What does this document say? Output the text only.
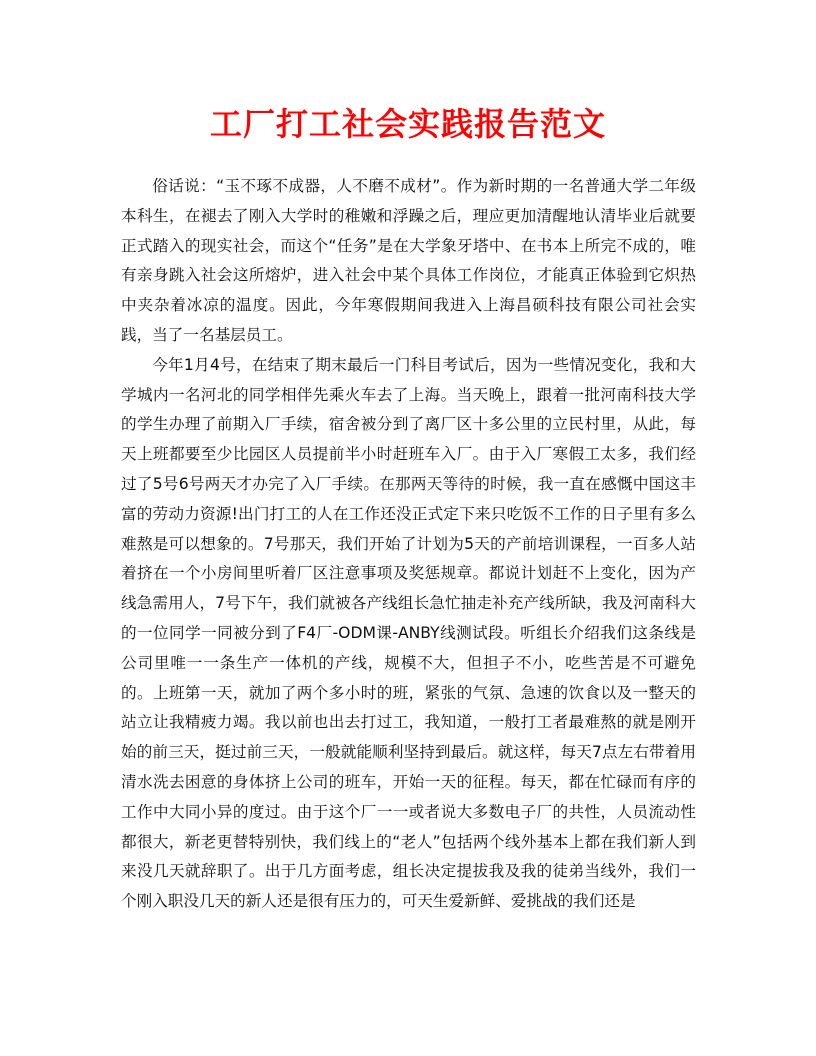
工厂打工社会实践报告范文

俗话说：“玉不琢不成器，人不磨不成材”。作为新时期的一名普通大学二年级本科生，在褪去了刚入大学时的稚嫩和浮躁之后，理应更加清醒地认清毕业后就要正式踏入的现实社会，而这个“任务”是在大学象牙塔中、在书本上所完不成的，唯有亲身跳入社会这所熔炉，进入社会中某个具体工作岗位，才能真正体验到它炽热中夹杂着冰凉的温度。因此，今年寒假期间我进入上海昌硕科技有限公司社会实践，当了一名基层员工。

今年1月4号，在结束了期末最后一门科目考试后，因为一些情况变化，我和大学城内一名河北的同学相伴先乘火车去了上海。当天晚上，跟着一批河南科技大学的学生办理了前期入厂手续，宿舍被分到了离厂区十多公里的立民村里，从此，每天上班都要至少比园区人员提前半小时赶班车入厂。由于入厂寒假工太多，我们经过了5号6号两天才办完了入厂手续。在那两天等待的时候，我一直在感慨中国这丰富的劳动力资源!出门打工的人在工作还没正式定下来只吃饭不工作的日子里有多么难熬是可以想象的。7号那天，我们开始了计划为5天的产前培训课程，一百多人站着挤在一个小房间里听着厂区注意事项及奖惩规章。都说计划赶不上变化，因为产线急需用人，7号下午，我们就被各产线组长急忙抽走补充产线所缺，我及河南科大的一位同学一同被分到了F4厂-ODM课-ANBY线测试段。听组长介绍我们这条线是公司里唯一一条生产一体机的产线，规模不大，但担子不小，吃些苦是不可避免的。上班第一天，就加了两个多小时的班，紧张的气氛、急速的饮食以及一整天的站立让我精疲力竭。我以前也出去打过工，我知道，一般打工者最难熬的就是刚开始的前三天，挺过前三天，一般就能顺利坚持到最后。就这样，每天7点左右带着用清水洗去困意的身体挤上公司的班车，开始一天的征程。每天，都在忙碌而有序的工作中大同小异的度过。由于这个厂一一或者说大多数电子厂的共性，人员流动性都很大，新老更替特别快，我们线上的“老人”包括两个线外基本上都在我们新人到来没几天就辞职了。出于几方面考虑，组长决定提拔我及我的徒弟当线外，我们一个刚入职没几天的新人还是很有压力的，可天生爱新鲜、爱挑战的我们还是
